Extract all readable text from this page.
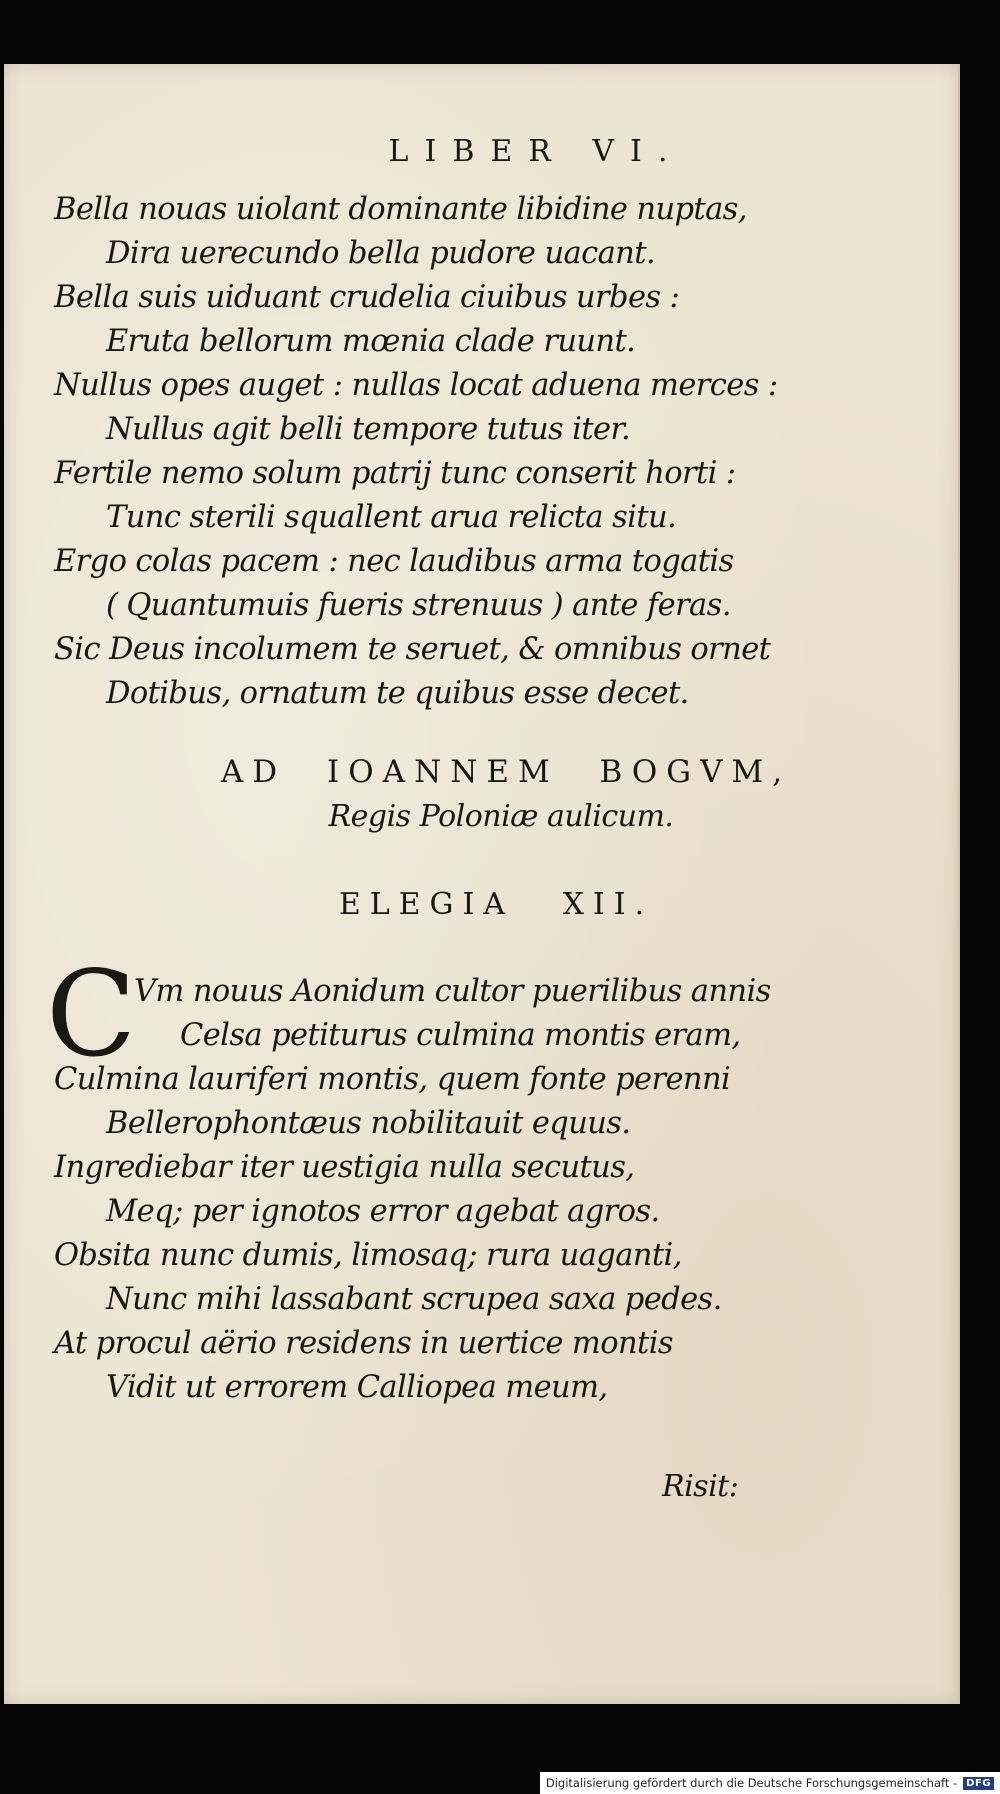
LIBER VI.
Bella nouas uiolant dominante libidine nuptas,
Dira uerecundo bella pudore uacant.
Bella suis uiduant crudelia ciuibus urbes :
Eruta bellorum mœnia clade ruunt.
Nullus opes auget : nullas locat aduena merces :
Nullus agit belli tempore tutus iter.
Fertile nemo solum patrij tunc conserit horti :
Tunc sterili squallent arua relicta situ.
Ergo colas pacem : nec laudibus arma togatis
( Quantumuis fueris strenuus ) ante feras.
Sic Deus incolumem te seruet, & omnibus ornet
Dotibus, ornatum te quibus esse decet.
AD IOANNEM BOGVM,
Regis Poloniæ aulicum.
ELEGIA XII.
C
Vm nouus Aonidum cultor puerilibus annis
Celsa petiturus culmina montis eram,
Culmina lauriferi montis, quem fonte perenni
Bellerophontæus nobilitauit equus.
Ingrediebar iter uestigia nulla secutus,
Meq; per ignotos error agebat agros.
Obsita nunc dumis, limosaq; rura uaganti,
Nunc mihi lassabant scrupea saxa pedes.
At procul aërio residens in uertice montis
Vidit ut errorem Calliopea meum,
Risit:
Digitalisierung gefördert durch die Deutsche Forschungsgemeinschaft - DFG
